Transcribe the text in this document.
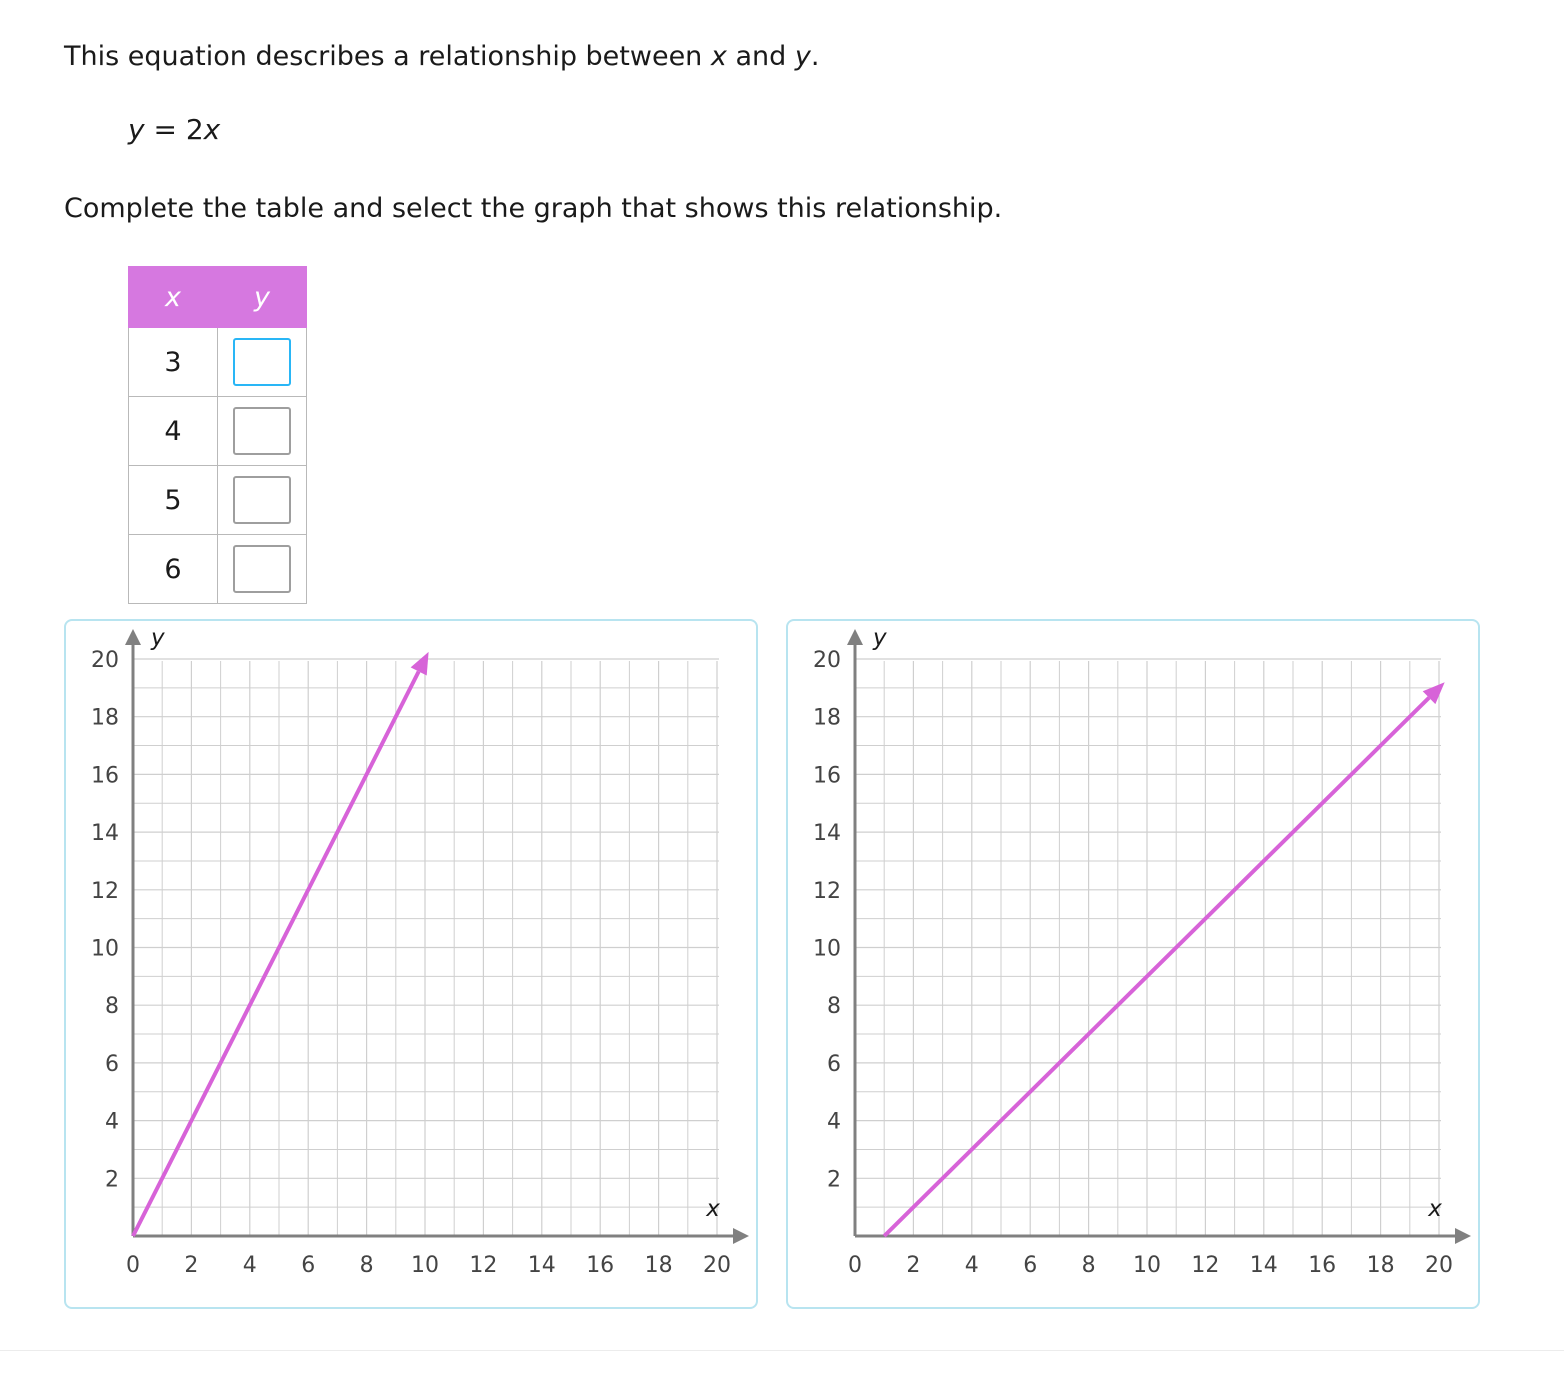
This equation describes a relationship between x and y.
y = 2x
Complete the table and select the graph that shows this relationship.
x	y
3	
4	
5	
6	
0 2 4 6 8 10 12 14 16 18 20
2
4
6
8
10
12
14
16
18
20
x
y
0 2 4 6 8 10 12 14 16 18 20
2
4
6
8
10
12
14
16
18
20
x
y
